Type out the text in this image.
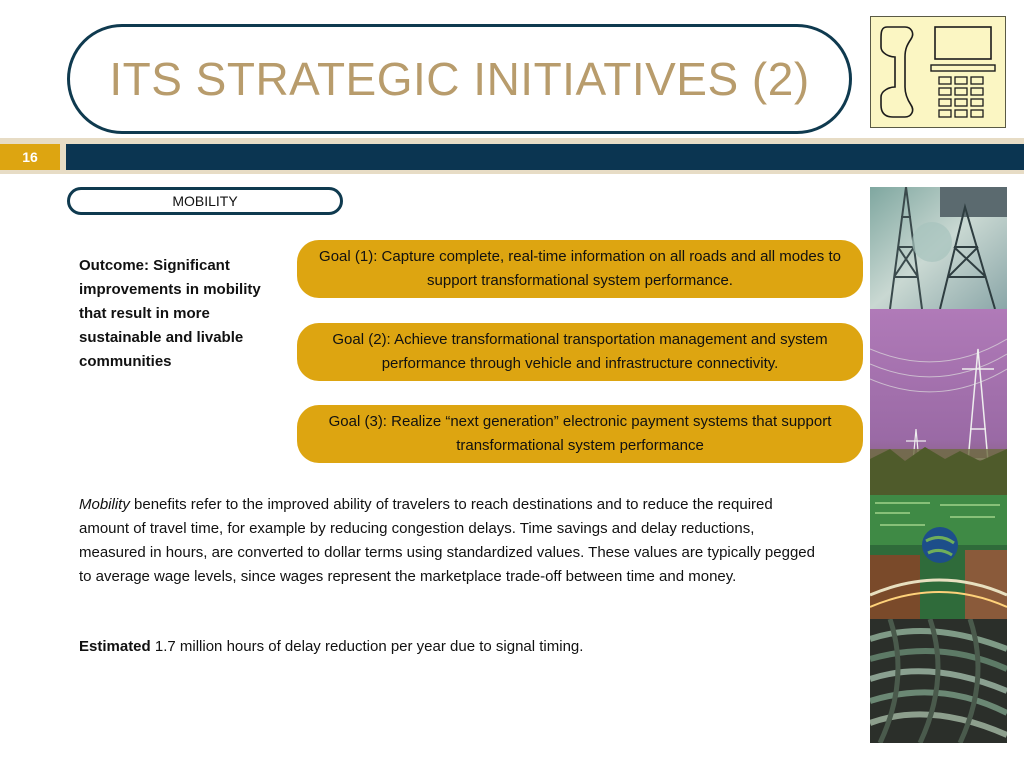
ITS STRATEGIC INITIATIVES (2)
16
MOBILITY
Outcome: Significant improvements in mobility that result in more sustainable and livable communities
Goal (1): Capture complete, real-time information on all roads and all modes to support transformational system performance.
Goal (2): Achieve transformational transportation management and system performance through vehicle and infrastructure connectivity.
Goal (3): Realize “next generation” electronic payment systems that support transformational system performance

Mobility benefits refer to the improved ability of travelers to reach destinations and to reduce the required amount of travel time, for example by reducing congestion delays. Time savings and delay reductions, measured in hours, are converted to dollar terms using standardized values. These values are typically pegged to average wage levels, since wages represent the marketplace trade-off between time and money.

Estimated 1.7 million hours of delay reduction per year due to signal timing.
